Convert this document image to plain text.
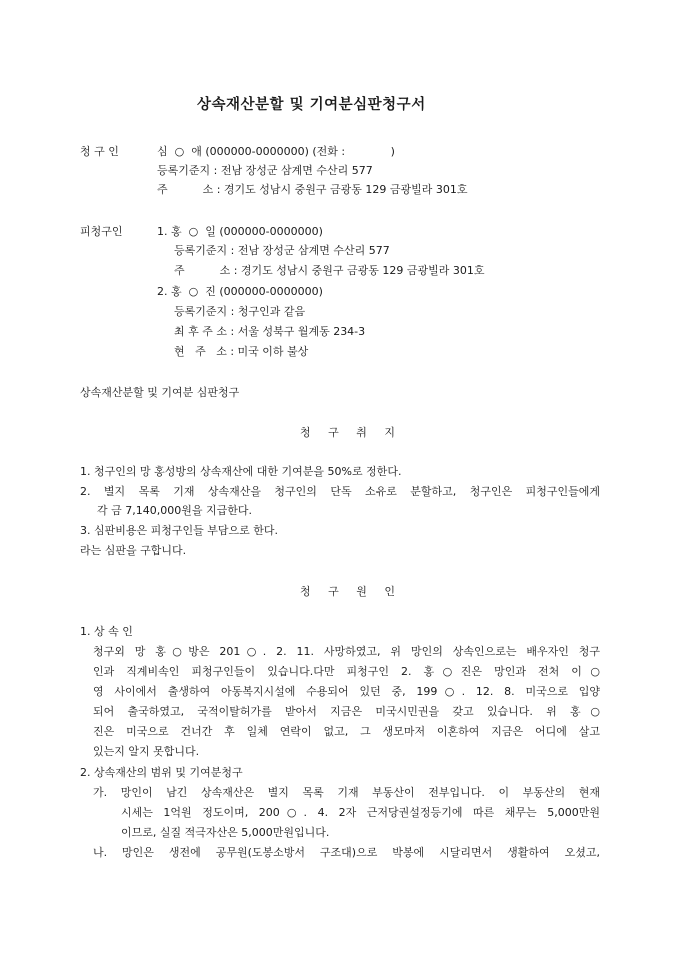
상속재산분할 및 기여분심판청구서
청 구 인	심  ○  애 (000000-0000000) (전화 :             )
등록기준지 : 전남 장성군 삼계면 수산리 577
주          소 : 경기도 성남시 중원구 금광동 129 금광빌라 301호
피청구인	1. 홍  ○  일 (000000-0000000)
등록기준지 : 전남 장성군 삼계면 수산리 577
주          소 : 경기도 성남시 중원구 금광동 129 금광빌라 301호
2. 홍  ○  진 (000000-0000000)
등록기준지 : 청구인과 같음
최 후 주 소 : 서울 성북구 월계동 234-3
현   주   소 : 미국 이하 불상
상속재산분할 및 기여분 심판청구
청 구 취 지
1. 청구인의 망 홍성방의 상속재산에 대한 기여분을 50%로 정한다.
2. 별지 목록 기재 상속재산을 청구인의 단독 소유로 분할하고, 청구인은 피청구인들에게
각 금 7,140,000원을 지급한다.
3. 심판비용은 피청구인들 부담으로 한다.
라는 심판을 구합니다.
청 구 원 인
1. 상 속 인
청구외 망 홍○방은 201○. 2. 11. 사망하였고, 위 망인의 상속인으로는 배우자인 청구
인과 직계비속인 피청구인들이 있습니다.다만 피청구인 2. 홍○진은 망인과 전처 이○
영 사이에서 출생하여 아동복지시설에 수용되어 있던 중, 199○. 12. 8. 미국으로 입양
되어 출국하였고, 국적이탈허가를 받아서 지금은 미국시민권을 갖고 있습니다. 위 홍○
진은 미국으로 건너간 후 일체 연락이 없고, 그 생모마저 이혼하여 지금은 어디에 살고
있는지 알지 못합니다.
2. 상속재산의 범위 및 기여분청구
가. 망인이 남긴 상속재산은 별지 목록 기재 부동산이 전부입니다. 이 부동산의 현재
시세는 1억원 정도이며, 200○. 4. 2자 근저당권설정등기에 따른 채무는 5,000만원
이므로, 실질 적극자산은 5,000만원입니다.
나. 망인은 생전에 공무원(도봉소방서 구조대)으로 박봉에 시달리면서 생활하여 오셨고,
